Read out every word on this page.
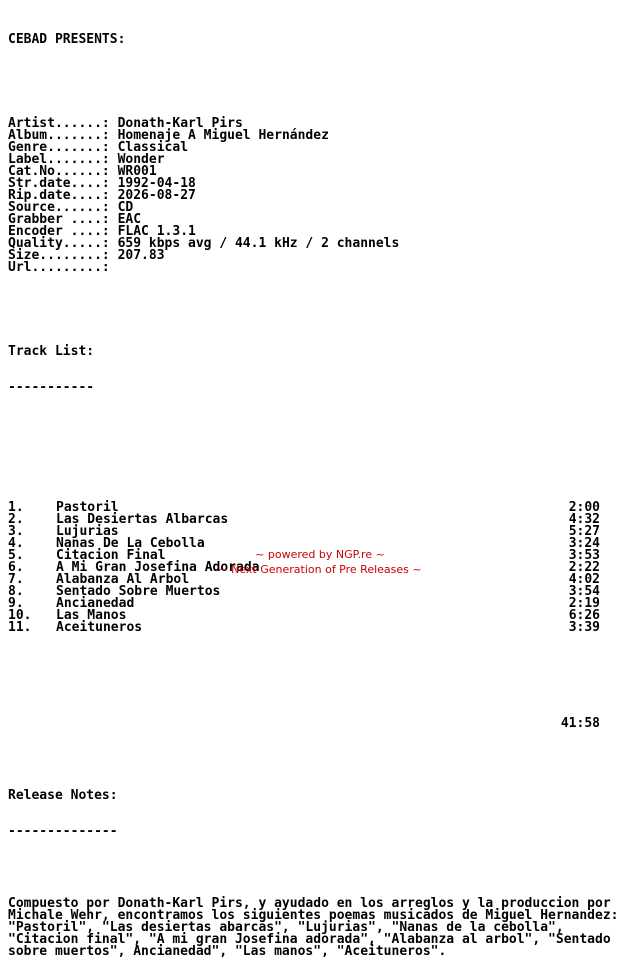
CEBAD PRESENTS:

Artist......: Donath-Karl Pirs
Album.......: Homenaje A Miguel Hernández
Genre.......: Classical
Label.......: Wonder
Cat.No......: WR001
Str.date....: 1992-04-18
Rip.date....: 2026-08-27
Source......: CD
Grabber ....: EAC
Encoder ....: FLAC 1.3.1
Quality.....: 659 kbps avg / 44.1 kHz / 2 channels
Size........: 207.83
Url.........:

Track List:

-----------

1. Pastoril	2:00
2. Las Desiertas Albarcas	4:32
3. Lujurias	5:27
4. Nanas De La Cebolla	3:24
5. Citacion Final	3:53
6. A Mi Gran Josefina Adorada	2:22
7. Alabanza Al Arbol	4:02
8. Sentado Sobre Muertos	3:54
9. Ancianedad	2:19
10. Las Manos	6:26
11. Aceituneros	3:39

41:58

Release Notes:

--------------

Compuesto por Donath-Karl Pirs, y ayudado en los arreglos y la produccion por Michale Wehr, encontramos los siguientes poemas musicados de Miguel Hernandez: "Pastoril", "Las desiertas abarcas", "Lujurias", "Nanas de la cebolla", "Citacion final", "A mi gran Josefina adorada", "Alabanza al arbol", "Sentado sobre muertos", Ancianedad", "Las manos", "Aceituneros".

~ powered by NGP.re ~
~ Next Generation of Pre Releases ~
